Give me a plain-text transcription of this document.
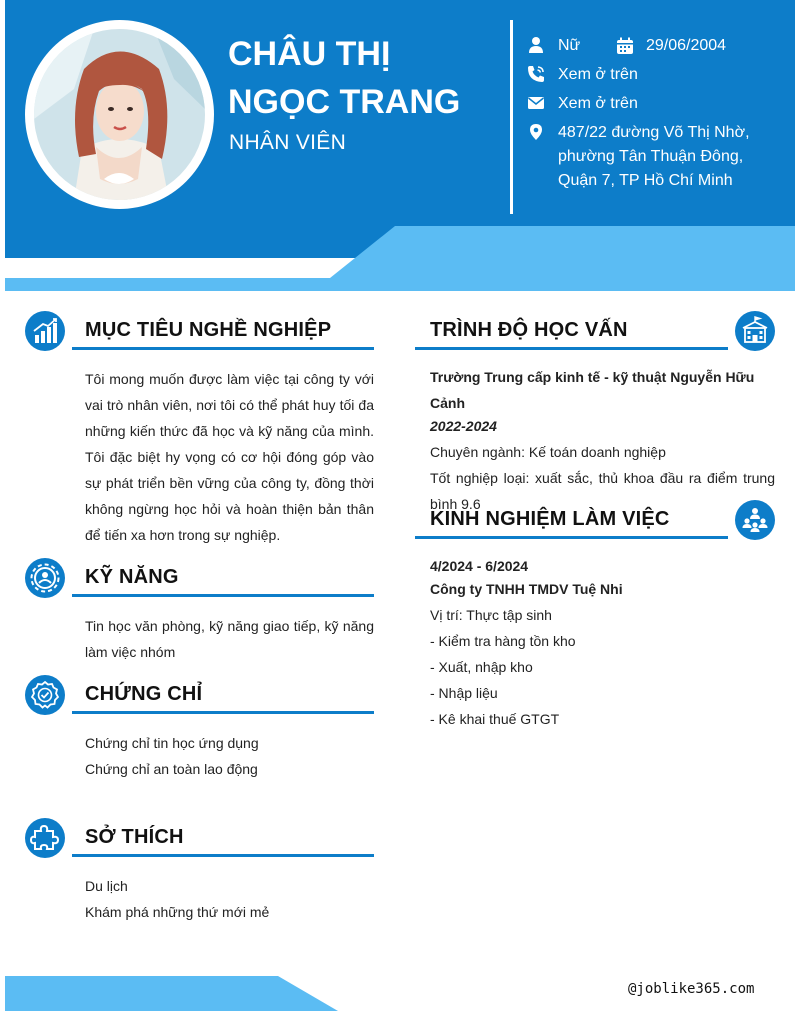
CHÂU THỊ
NGỌC TRANG
NHÂN VIÊN
Nữ	29/06/2004
Xem ở trên
Xem ở trên
487/22 đường Võ Thị Nhờ,
phường Tân Thuận Đông,
Quận 7, TP Hồ Chí Minh
MỤC TIÊU NGHỀ NGHIỆP
Tôi mong muốn được làm việc tại công ty với
vai trò nhân viên, nơi tôi có thể phát huy tối đa
những kiến thức đã học và kỹ năng của mình.
Tôi đặc biệt hy vọng có cơ hội đóng góp vào
sự phát triển bền vững của công ty, đồng thời
không ngừng học hỏi và hoàn thiện bản thân
để tiến xa hơn trong sự nghiệp.
KỸ NĂNG
Tin học văn phòng, kỹ năng giao tiếp, kỹ năng
làm việc nhóm
CHỨNG CHỈ
Chứng chỉ tin học ứng dụng
Chứng chỉ an toàn lao động
SỞ THÍCH
Du lịch
Khám phá những thứ mới mẻ
TRÌNH ĐỘ HỌC VẤN
Trường Trung cấp kinh tế - kỹ thuật Nguyễn Hữu Cảnh
2022-2024
Chuyên ngành: Kế toán doanh nghiệp
Tốt nghiệp loại: xuất sắc, thủ khoa đầu ra điểm trung
bình 9.6
KINH NGHIỆM LÀM VIỆC
4/2024 - 6/2024
Công ty TNHH TMDV Tuệ Nhi
Vị trí: Thực tập sinh
- Kiểm tra hàng tồn kho
- Xuất, nhập kho
- Nhập liệu
- Kê khai thuế GTGT
@joblike365.com
